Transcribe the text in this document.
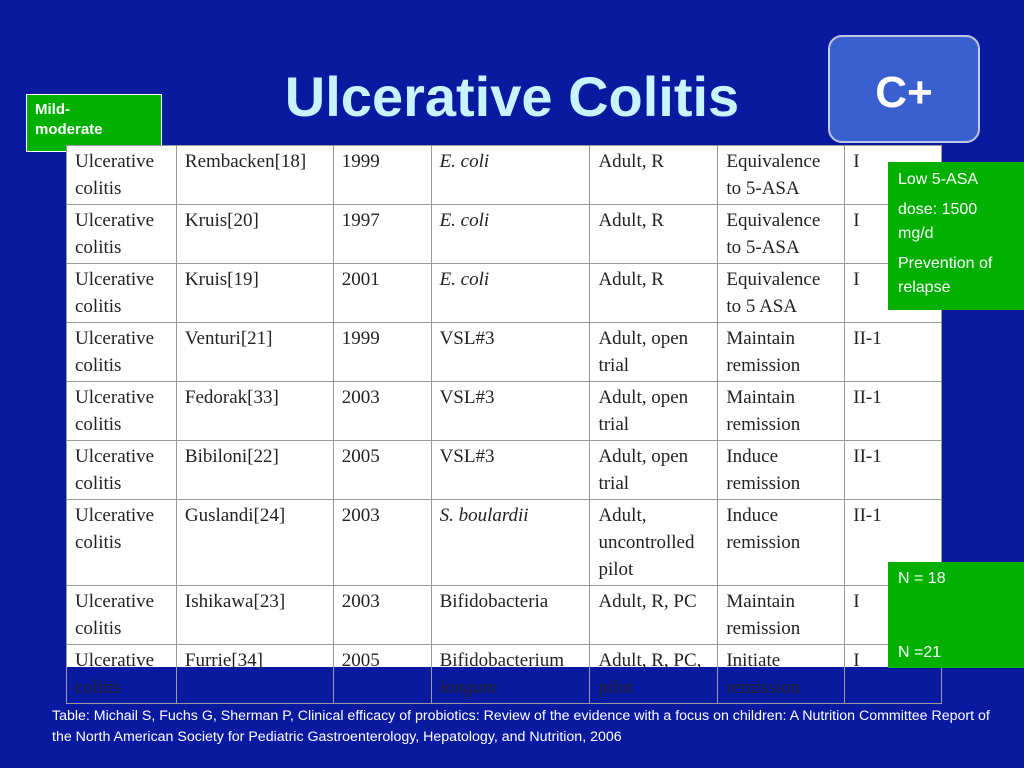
Ulcerative Colitis	C+
Mild-
moderate
Ulcerative colitis	Rembacken[18]	1999	E. coli	Adult, R	Equivalence to 5-ASA	I
Ulcerative colitis	Kruis[20]	1997	E. coli	Adult, R	Equivalence to 5-ASA	I
Ulcerative colitis	Kruis[19]	2001	E. coli	Adult, R	Equivalence to 5 ASA	I
Ulcerative colitis	Venturi[21]	1999	VSL#3	Adult, open trial	Maintain remission	II-1
Ulcerative colitis	Fedorak[33]	2003	VSL#3	Adult, open trial	Maintain remission	II-1
Ulcerative colitis	Bibiloni[22]	2005	VSL#3	Adult, open trial	Induce remission	II-1
Ulcerative colitis	Guslandi[24]	2003	S. boulardii	Adult, uncontrolled pilot	Induce remission	II-1
Ulcerative colitis	Ishikawa[23]	2003	Bifidobacteria	Adult, R, PC	Maintain remission	I
Ulcerative colitis	Furrie[34]	2005	Bifidobacterium longum	Adult, R, PC, pilot	Initiate remission	I

Low 5-ASA

dose: 1500 mg/d

Prevention of relapse

N = 18
N =21
Table: Michail S, Fuchs G, Sherman P, Clinical efficacy of probiotics: Review of the evidence with a focus on children: A Nutrition Committee Report of the North American Society for Pediatric Gastroenterology, Hepatology, and Nutrition, 2006
